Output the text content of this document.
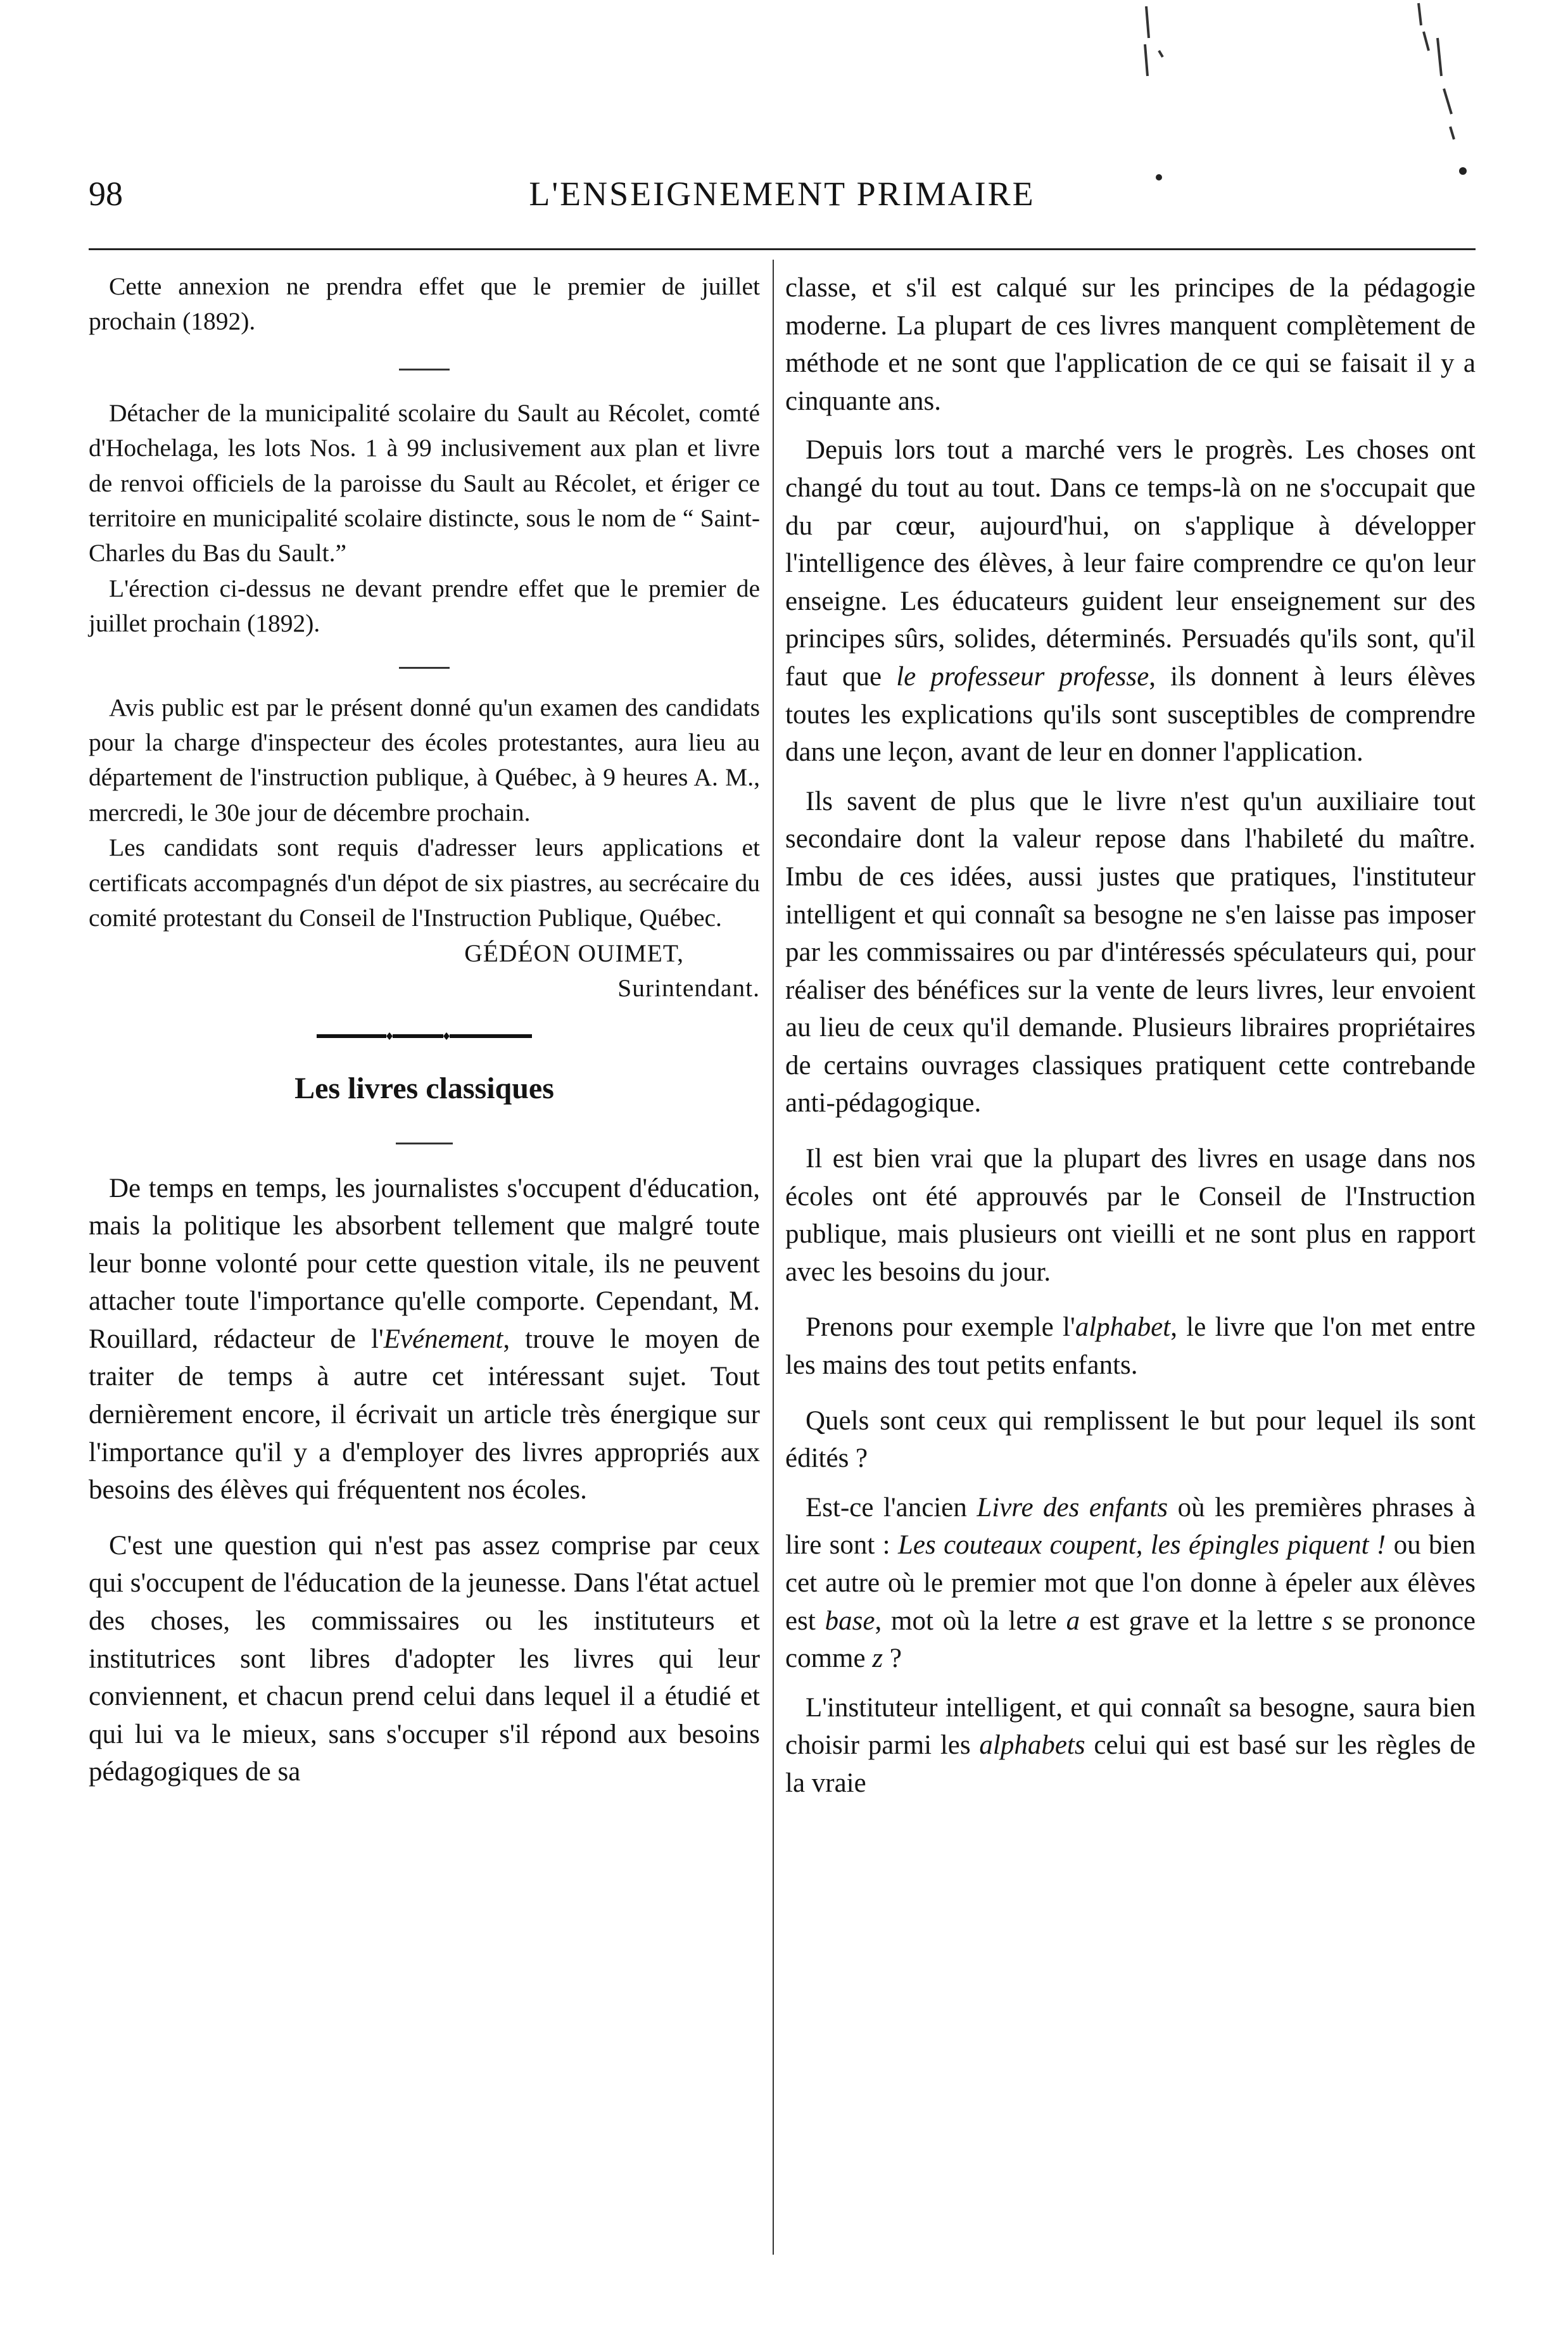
98	L'ENSEIGNEMENT PRIMAIRE

Cette annexion ne prendra effet que le premier de juillet prochain (1892).

Détacher de la municipalité scolaire du Sault au Récolet, comté d'Hochelaga, les lots Nos. 1 à 99 inclusivement aux plan et livre de renvoi officiels de la paroisse du Sault au Récolet, et ériger ce territoire en municipalité scolaire distincte, sous le nom de “ Saint-Charles du Bas du Sault.”

L'érection ci-dessus ne devant prendre effet que le premier de juillet prochain (1892).

Avis public est par le présent donné qu'un examen des candidats pour la charge d'inspecteur des écoles protestantes, aura lieu au département de l'instruction publique, à Québec, à 9 heures A. M., mercredi, le 30e jour de décembre prochain.

Les candidats sont requis d'adresser leurs applications et certificats accompagnés d'un dépot de six piastres, au secrécaire du comité protestant du Conseil de l'Instruction Publique, Québec.

GÉDÉON OUIMET,
Surintendant.
Les livres classiques

De temps en temps, les journalistes s'occupent d'éducation, mais la politique les absorbent tellement que malgré toute leur bonne volonté pour cette question vitale, ils ne peuvent attacher toute l'importance qu'elle comporte. Cependant, M. Rouillard, rédacteur de l'Evénement, trouve le moyen de traiter de temps à autre cet intéressant sujet. Tout dernièrement encore, il écrivait un article très énergique sur l'importance qu'il y a d'employer des livres appropriés aux besoins des élèves qui fréquentent nos écoles.

C'est une question qui n'est pas assez comprise par ceux qui s'occupent de l'éducation de la jeunesse. Dans l'état actuel des choses, les commissaires ou les instituteurs et institutrices sont libres d'adopter les livres qui leur conviennent, et chacun prend celui dans lequel il a étudié et qui lui va le mieux, sans s'occuper s'il répond aux besoins pédagogiques de sa

classe, et s'il est calqué sur les principes de la pédagogie moderne. La plupart de ces livres manquent complètement de méthode et ne sont que l'application de ce qui se faisait il y a cinquante ans.

Depuis lors tout a marché vers le progrès. Les choses ont changé du tout au tout. Dans ce temps-là on ne s'occupait que du par cœur, aujourd'hui, on s'applique à développer l'intelligence des élèves, à leur faire comprendre ce qu'on leur enseigne. Les éducateurs guident leur enseignement sur des principes sûrs, solides, déterminés. Persuadés qu'ils sont, qu'il faut que le professeur professe, ils donnent à leurs élèves toutes les explications qu'ils sont susceptibles de comprendre dans une leçon, avant de leur en donner l'application.

Ils savent de plus que le livre n'est qu'un auxiliaire tout secondaire dont la valeur repose dans l'habileté du maître. Imbu de ces idées, aussi justes que pratiques, l'instituteur intelligent et qui connaît sa besogne ne s'en laisse pas imposer par les commissaires ou par d'intéressés spéculateurs qui, pour réaliser des bénéfices sur la vente de leurs livres, leur envoient au lieu de ceux qu'il demande. Plusieurs libraires propriétaires de certains ouvrages classiques pratiquent cette contrebande anti-pédagogique.

Il est bien vrai que la plupart des livres en usage dans nos écoles ont été approuvés par le Conseil de l'Instruction publique, mais plusieurs ont vieilli et ne sont plus en rapport avec les besoins du jour.

Prenons pour exemple l'alphabet, le livre que l'on met entre les mains des tout petits enfants.

Quels sont ceux qui remplissent le but pour lequel ils sont édités ?

Est-ce l'ancien Livre des enfants où les premières phrases à lire sont : Les couteaux coupent, les épingles piquent ! ou bien cet autre où le premier mot que l'on donne à épeler aux élèves est base, mot où la letre a est grave et la lettre s se prononce comme z ?

L'instituteur intelligent, et qui connaît sa besogne, saura bien choisir parmi les alphabets celui qui est basé sur les règles de la vraie
